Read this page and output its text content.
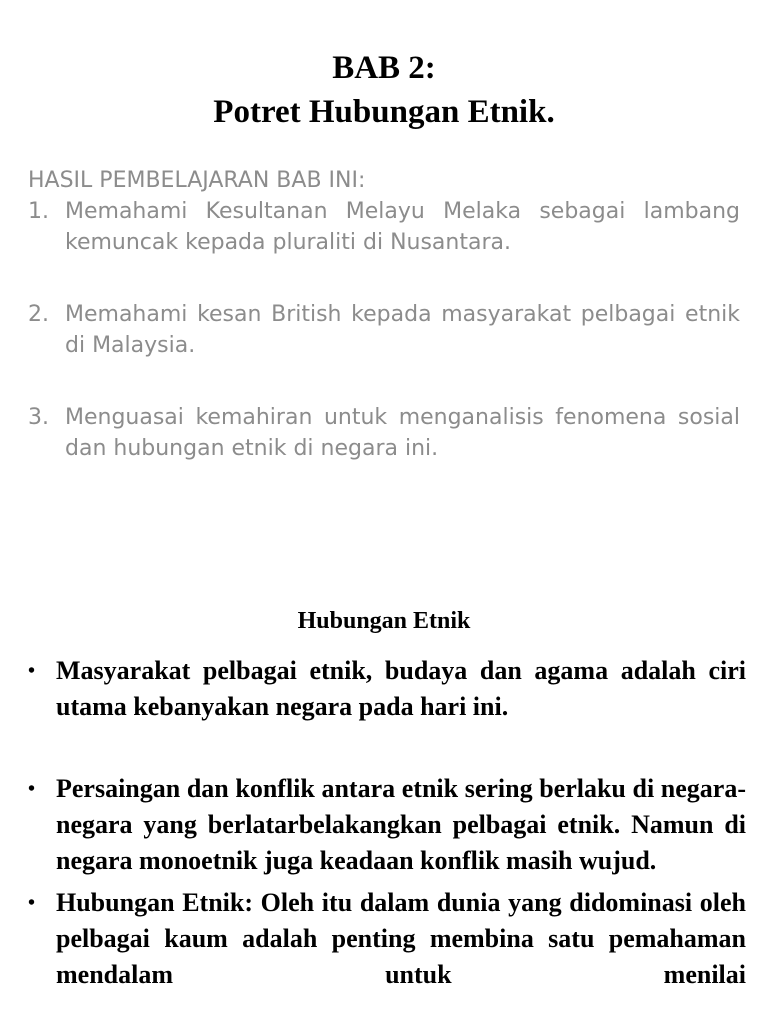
BAB 2:
Potret Hubungan Etnik.
HASIL PEMBELAJARAN BAB INI:
1. Memahami Kesultanan Melayu Melaka sebagai lambang kemuncak kepada pluraliti di Nusantara.
2. Memahami kesan British kepada masyarakat pelbagai etnik di Malaysia.
3. Menguasai kemahiran untuk menganalisis fenomena sosial dan hubungan etnik di negara ini.
Hubungan Etnik
• Masyarakat pelbagai etnik, budaya dan agama adalah ciri utama kebanyakan negara pada hari ini.
• Persaingan dan konflik antara etnik sering berlaku di negara-negara yang berlatarbelakangkan pelbagai etnik. Namun di negara monoetnik juga keadaan konflik masih wujud.
• Hubungan Etnik: Oleh itu dalam dunia yang didominasi oleh pelbagai kaum adalah penting membina satu pemahaman mendalam untuk menilai
